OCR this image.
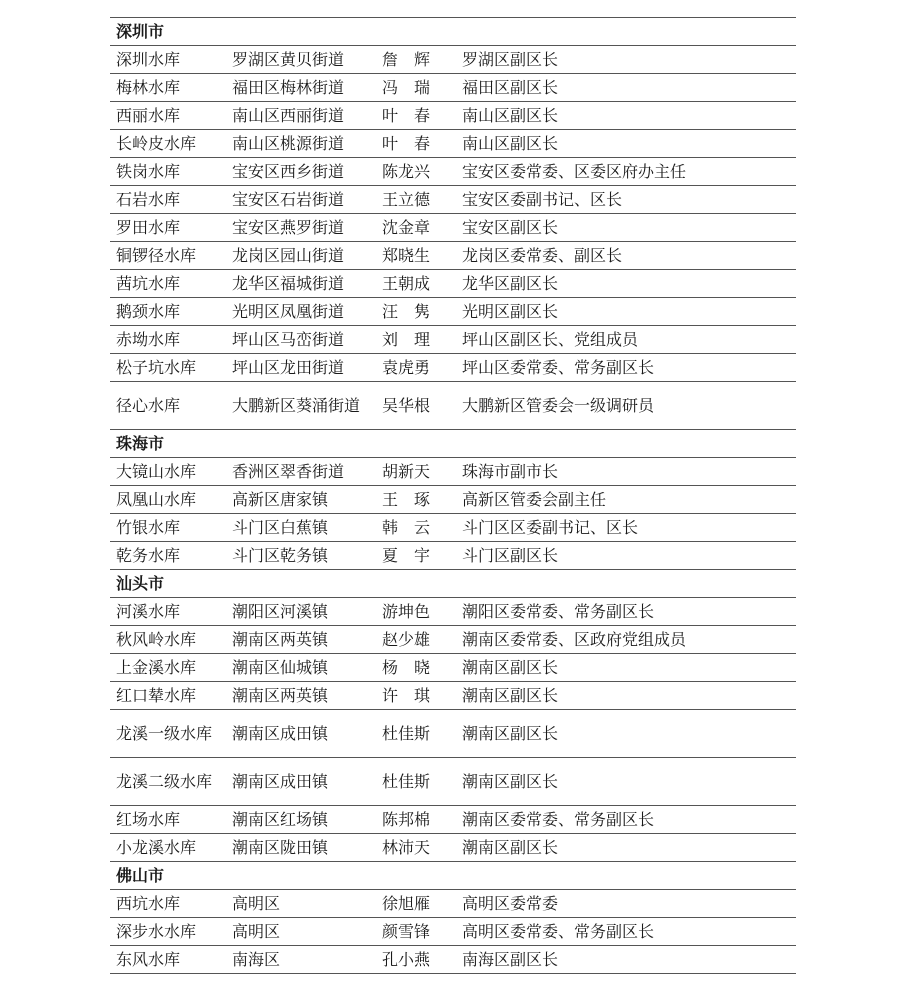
深圳市			
深圳水库	罗湖区黄贝街道	詹　辉	罗湖区副区长
梅林水库	福田区梅林街道	冯　瑞	福田区副区长
西丽水库	南山区西丽街道	叶　春	南山区副区长
长岭皮水库	南山区桃源街道	叶　春	南山区副区长
铁岗水库	宝安区西乡街道	陈龙兴	宝安区委常委、区委区府办主任
石岩水库	宝安区石岩街道	王立德	宝安区委副书记、区长
罗田水库	宝安区燕罗街道	沈金章	宝安区副区长
铜锣径水库	龙岗区园山街道	郑晓生	龙岗区委常委、副区长
茜坑水库	龙华区福城街道	王朝成	龙华区副区长
鹅颈水库	光明区凤凰街道	汪　隽	光明区副区长
赤坳水库	坪山区马峦街道	刘　理	坪山区副区长、党组成员
松子坑水库	坪山区龙田街道	袁虎勇	坪山区委常委、常务副区长
径心水库	大鹏新区葵涌街道	吴华根	大鹏新区管委会一级调研员
珠海市			
大镜山水库	香洲区翠香街道	胡新天	珠海市副市长
凤凰山水库	高新区唐家镇	王　琢	高新区管委会副主任
竹银水库	斗门区白蕉镇	韩　云	斗门区区委副书记、区长
乾务水库	斗门区乾务镇	夏　宇	斗门区副区长
汕头市			
河溪水库	潮阳区河溪镇	游坤色	潮阳区委常委、常务副区长
秋风岭水库	潮南区两英镇	赵少雄	潮南区委常委、区政府党组成员
上金溪水库	潮南区仙城镇	杨　晓	潮南区副区长
红口辇水库	潮南区两英镇	许　琪	潮南区副区长
龙溪一级水库	潮南区成田镇	杜佳斯	潮南区副区长
龙溪二级水库	潮南区成田镇	杜佳斯	潮南区副区长
红场水库	潮南区红场镇	陈邦棉	潮南区委常委、常务副区长
小龙溪水库	潮南区陇田镇	林沛天	潮南区副区长
佛山市			
西坑水库	高明区	徐旭雁	高明区委常委
深步水水库	高明区	颜雪锋	高明区委常委、常务副区长
东风水库	南海区	孔小燕	南海区副区长
